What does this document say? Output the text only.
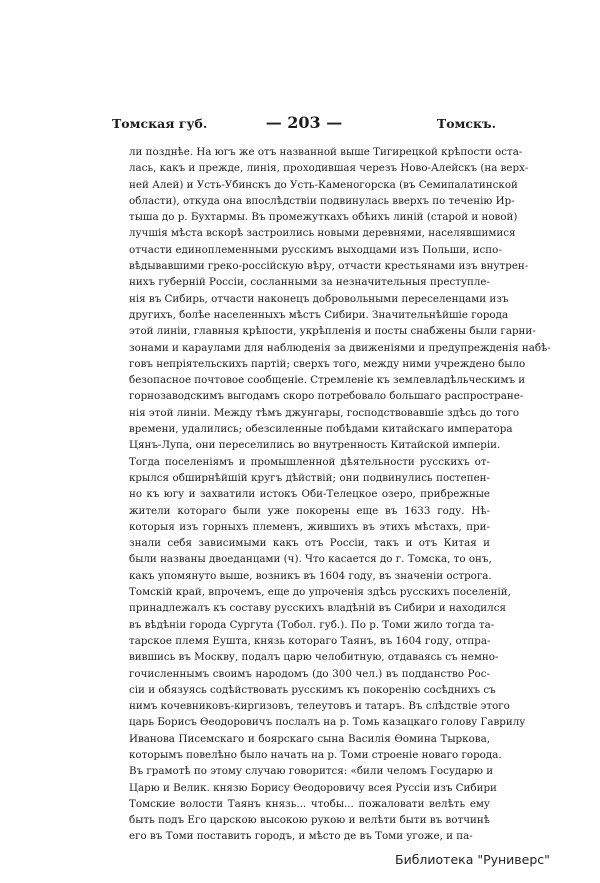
Томская губ.	— 203 —	Томскъ.
ли позднѣе. На югъ же отъ названной выше Тигирецкой крѣпости оста-
лась, какъ и прежде, линія, проходившая черезъ Ново-Алейскъ (на верх-
ней Алей) и Усть-Убинскъ до Усть-Каменогорска (въ Семипалатинской
области), откуда она впослѣдствіи подвинулась вверхъ по теченію Ир-
тыша до р. Бухтармы. Въ промежуткахъ обѣихъ линій (старой и новой)
лучшія мѣста вскорѣ застроились новыми деревнями, населявшимися
отчасти единоплеменными русскимъ выходцами изъ Польши, испо-
вѣдывавшими греко-россійскую вѣру, отчасти крестьянами изъ внутрен-
нихъ губерній Россіи, сосланными за незначительныя преступле-
нія въ Сибирь, отчасти наконецъ добровольными переселенцами изъ
другихъ, болѣе населенныхъ мѣстъ Сибири. Значительнѣйшіе города
этой линіи, главныя крѣпости, укрѣпленія и посты снабжены были гарни-
зонами и караулами для наблюденія за движеніями и предупрежденія набѣ-
говъ непріятельскихъ партій; сверхъ того, между ними учреждено было
безопасное почтовое сообщеніе. Стремленіе къ землевладѣльческимъ и
горнозаводскимъ выгодамъ скоро потребовало большаго распростране-
нія этой линіи. Между тѣмъ джунгары, господствовавшіе здѣсь до того
времени, удалились; обезсиленные побѣдами китайскаго императора
Цянъ-Лупа, они переселились во внутренность Китайской имперіи.
Тогда поселеніямъ и промышленной дѣятельности русскихъ от-
крылся обширнѣйшій кругъ дѣйствій; они подвинулись постепен-
но къ югу и захватили истокъ Оби-Телецкое озеро, прибрежные
жители котораго были уже покорены еще въ 1633 году. Нѣ-
которыя изъ горныхъ племенъ, жившихъ въ этихъ мѣстахъ, при-
знали себя зависимыми какъ отъ Россіи, такъ и отъ Китая и
были названы двоеданцами (ч). Что касается до г. Томска, то онъ,
какъ упомянуто выше, возникъ въ 1604 году, въ значеніи острога.
Томскій край, впрочемъ, еще до упроченія здѣсь русскихъ поселеній,
принадлежалъ къ составу русскихъ владѣній въ Сибири и находился
въ вѣдѣніи города Сургута (Тобол. губ.). По р. Томи жило тогда та-
тарское племя Еушта, князь котораго Таянъ, въ 1604 году, отпра-
вившись въ Москву, подалъ царю челобитную, отдаваясь съ немно-
гочисленнымъ своимъ народомъ (до 300 чел.) въ подданство Рос-
сіи и обязуясь содѣйствовать русскимъ къ покоренію сосѣднихъ съ
нимъ кочевниковъ-киргизовъ, телеутовъ и татаръ. Въ слѣдствіе этого
царь Борисъ Ѳеодоровичъ послалъ на р. Томь казацкаго голову Гаврилу
Иванова Писемскаго и боярскаго сына Василія Ѳомина Тыркова,
которымъ повелѣно было начать на р. Томи строеніе новаго города.
Въ грамотѣ по этому случаю говорится: «били челомъ Государю и
Царю и Велик. князю Борису Ѳеодоровичу всея Руссіи изъ Сибири
Томские волости Таянъ князь... чтобы... пожаловати велѣть ему
быть подъ Его царскою высокою рукою и велѣти быти въ вотчинѣ
его въ Томи поставить городъ, и мѣсто де въ Томи угоже, и па-
Библиотека "Руниверс"
